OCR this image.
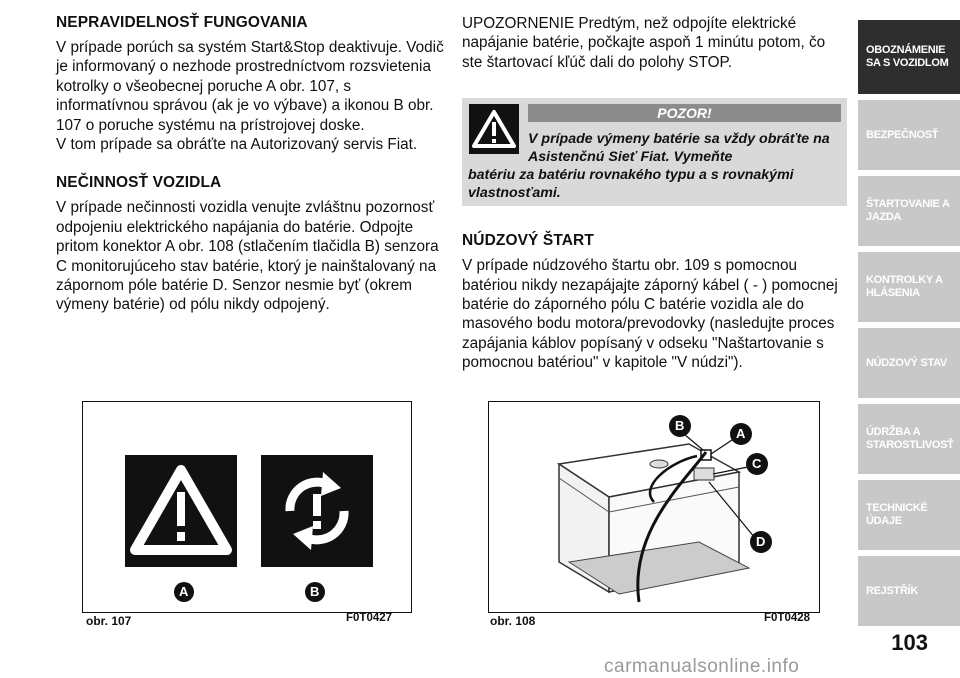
NEPRAVIDELNOSŤ FUNGOVANIA

V prípade porúch sa systém Start&Stop deaktivuje. Vodič je informovaný o nezhode prostredníctvom rozsvietenia kotrolky o všeobecnej poruche A obr. 107, s informatívnou správou (ak je vo výbave) a ikonou B obr. 107 o poruche systému na prístrojovej doske.

V tom prípade sa obráťte na Autorizovaný servis Fiat.

NEČINNOSŤ VOZIDLA

V prípade nečinnosti vozidla venujte zvláštnu pozornosť odpojeniu elektrického napájania do batérie. Odpojte pritom konektor A obr. 108 (stlačením tlačidla B) senzora C monitorujúceho stav batérie, ktorý je nainštalovaný na zápornom póle batérie D. Senzor nesmie byť (okrem výmeny batérie) od pólu nikdy odpojený.

UPOZORNENIE Predtým, než odpojíte elektrické napájanie batérie, počkajte aspoň 1 minútu potom, čo ste štartovací kľúč dali do polohy STOP.

POZOR!
V prípade výmeny batérie sa vždy obráťte na Asistenčnú Sieť Fiat. Vymeňte
batériu za batériu rovnakého typu a s rovnakými vlastnosťami.
NÚDZOVÝ ŠTART

V prípade núdzového štartu obr. 109 s pomocnou batériou nikdy nezapájajte záporný kábel ( - ) pomocnej batérie do záporného pólu C batérie vozidla ale do masového bodu motora/prevodovky (nasledujte proces zapájania káblov popísaný v odseku "Naštartovanie s pomocnou batériou" v kapitole "V núdzi").

A	B
obr. 107	F0T0427
B
A
C
D
obr. 108	F0T0428
OBOZNÁMENIE SA S VOZIDLOM
BEZPEČNOSŤ
ŠTARTOVANIE A JAZDA
KONTROLKY A HLÁSENIA
NÚDZOVÝ STAV
ÚDRŽBA A STAROSTLIVOSŤ
TECHNICKÉ ÚDAJE
REJSTŘÍK
103
carmanualsonline.info
